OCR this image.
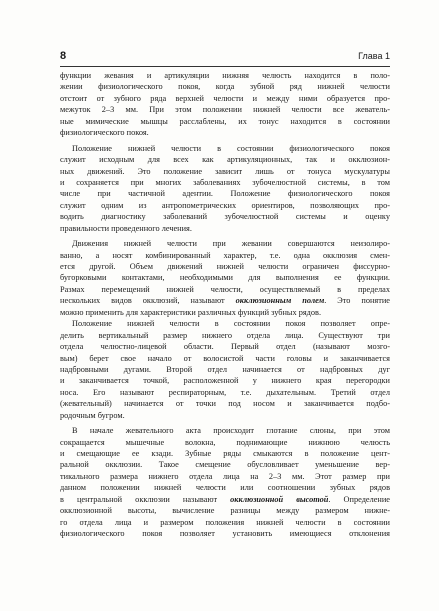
8	Глава 1
функции жевания и артикуляции нижняя челюсть находится в поло-
жении физиологического покоя, когда зубной ряд нижней челюсти
отстоит от зубного ряда верхней челюсти и между ними образуется про-
межуток 2–3 мм. При этом положении нижней челюсти все жеватель-
ные мимические мышцы расслаблены, их тонус находится в состоянии
физиологического покоя.
Положение нижней челюсти в состоянии физиологического покоя
служит исходным для всех как артикуляционных, так и окклюзион-
ных движений. Это положение зависит лишь от тонуса мускулатуры
и сохраняется при многих заболеваниях зубочелюстной системы, в том
числе при частичной адентии. Положение физиологического покоя
служит одним из антропометрических ориентиров, позволяющих про-
водить диагностику заболеваний зубочелюстной системы и оценку
правильности проведенного лечения.
Движения нижней челюсти при жевании совершаются неизолиро-
ванно, а носят комбинированный характер, т.е. одна окклюзия смен-
ется другой. Объем движений нижней челюсти ограничен фиссурно-
бугорковыми контактами, необходимыми для выполнения ее функции.
Размах перемещений нижней челюсти, осуществляемый в пределах
нескольких видов окклюзий, называют окклюзионным полем. Это понятие
можно применить для характеристики различных функций зубных рядов.
Положение нижней челюсти в состоянии покоя позволяет опре-
делить вертикальный размер нижнего отдела лица. Существуют три
отдела челюстно-лицевой области. Первый отдел (называют мозго-
вым) берет свое начало от волосистой части головы и заканчивается
надбровными дугами. Второй отдел начинается от надбровных дуг
и заканчивается точкой, расположенной у нижнего края перегородки
носа. Его называют респираторным, т.е. дыхательным. Третий отдел
(жевательный) начинается от точки под носом и заканчивается подбо-
родочным бугром.
В начале жевательного акта происходит глотание слюны, при этом
сокращается мышечные волокна, поднимающие нижнюю челюсть
и смещающие ее кзади. Зубные ряды смыкаются в положение цент-
ральной окклюзии. Такое смещение обусловливает уменьшение вер-
тикального размера нижнего отдела лица на 2–3 мм. Этот размер при
данном положении нижней челюсти или соотношении зубных рядов
в центральной окклюзии называют окклюзионной высотой. Определение
окклюзионной высоты, вычисление разницы между размером нижне-
го отдела лица и размером положения нижней челюсти в состоянии
физиологического покоя позволяет установить имеющиеся отклонения
